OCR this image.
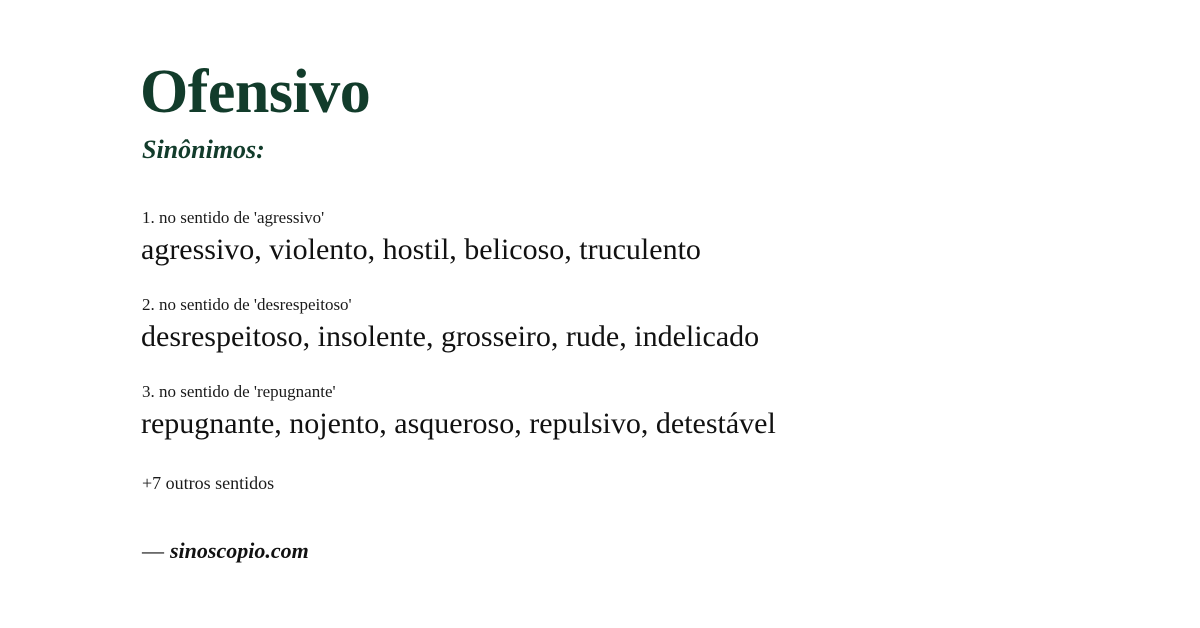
Ofensivo
Sinônimos:
1. no sentido de 'agressivo'
agressivo, violento, hostil, belicoso, truculento
2. no sentido de 'desrespeitoso'
desrespeitoso, insolente, grosseiro, rude, indelicado
3. no sentido de 'repugnante'
repugnante, nojento, asqueroso, repulsivo, detestável
+7 outros sentidos
— sinoscopio.com
